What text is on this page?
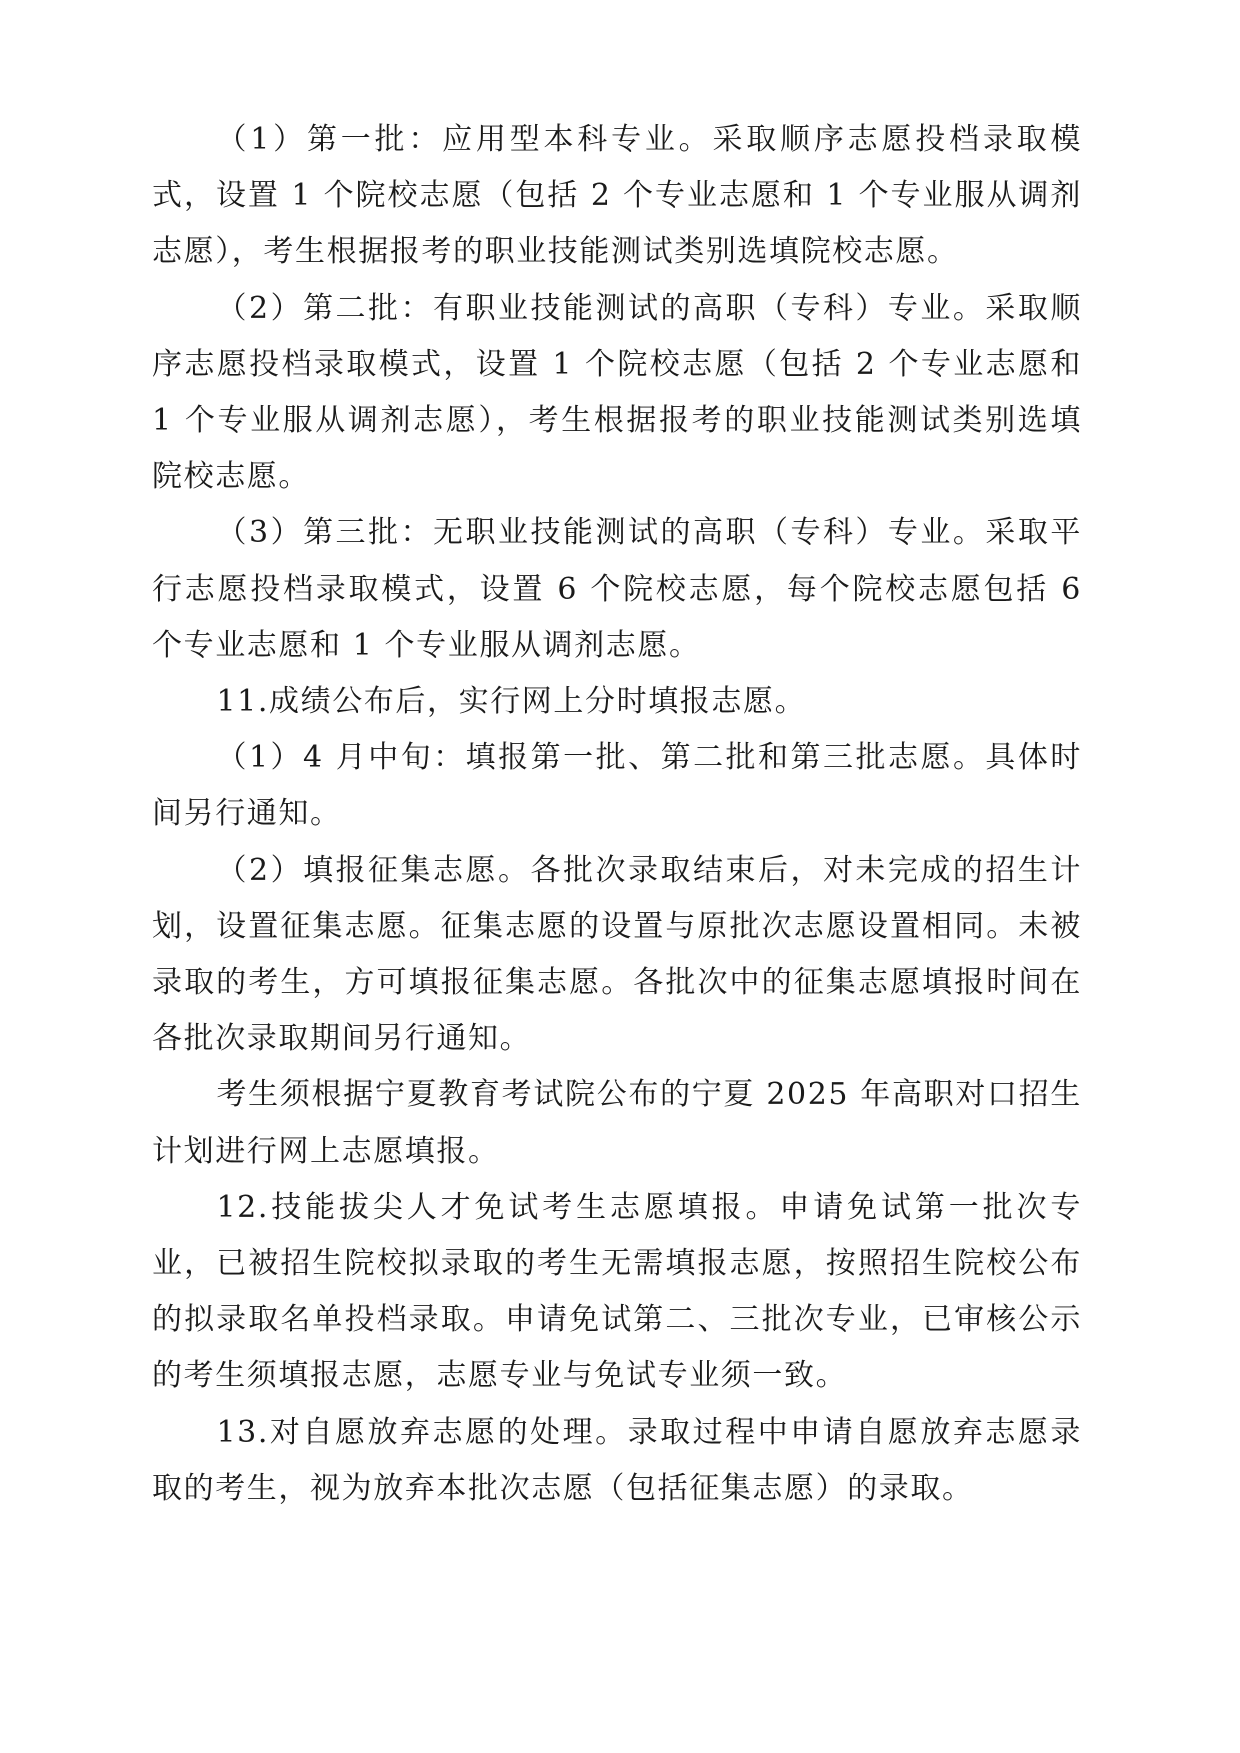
（1）第一批：应用型本科专业。采取顺序志愿投档录取模式，设置 1 个院校志愿（包括 2 个专业志愿和 1 个专业服从调剂志愿），考生根据报考的职业技能测试类别选填院校志愿。

（2）第二批：有职业技能测试的高职（专科）专业。采取顺序志愿投档录取模式，设置 1 个院校志愿（包括 2 个专业志愿和 1 个专业服从调剂志愿），考生根据报考的职业技能测试类别选填院校志愿。

（3）第三批：无职业技能测试的高职（专科）专业。采取平行志愿投档录取模式，设置 6 个院校志愿，每个院校志愿包括 6 个专业志愿和 1 个专业服从调剂志愿。

11.成绩公布后，实行网上分时填报志愿。

（1）4 月中旬：填报第一批、第二批和第三批志愿。具体时间另行通知。

（2）填报征集志愿。各批次录取结束后，对未完成的招生计划，设置征集志愿。征集志愿的设置与原批次志愿设置相同。未被录取的考生，方可填报征集志愿。各批次中的征集志愿填报时间在各批次录取期间另行通知。

考生须根据宁夏教育考试院公布的宁夏 2025 年高职对口招生计划进行网上志愿填报。

12.技能拔尖人才免试考生志愿填报。申请免试第一批次专业，已被招生院校拟录取的考生无需填报志愿，按照招生院校公布的拟录取名单投档录取。申请免试第二、三批次专业，已审核公示的考生须填报志愿，志愿专业与免试专业须一致。

13.对自愿放弃志愿的处理。录取过程中申请自愿放弃志愿录取的考生，视为放弃本批次志愿（包括征集志愿）的录取。
